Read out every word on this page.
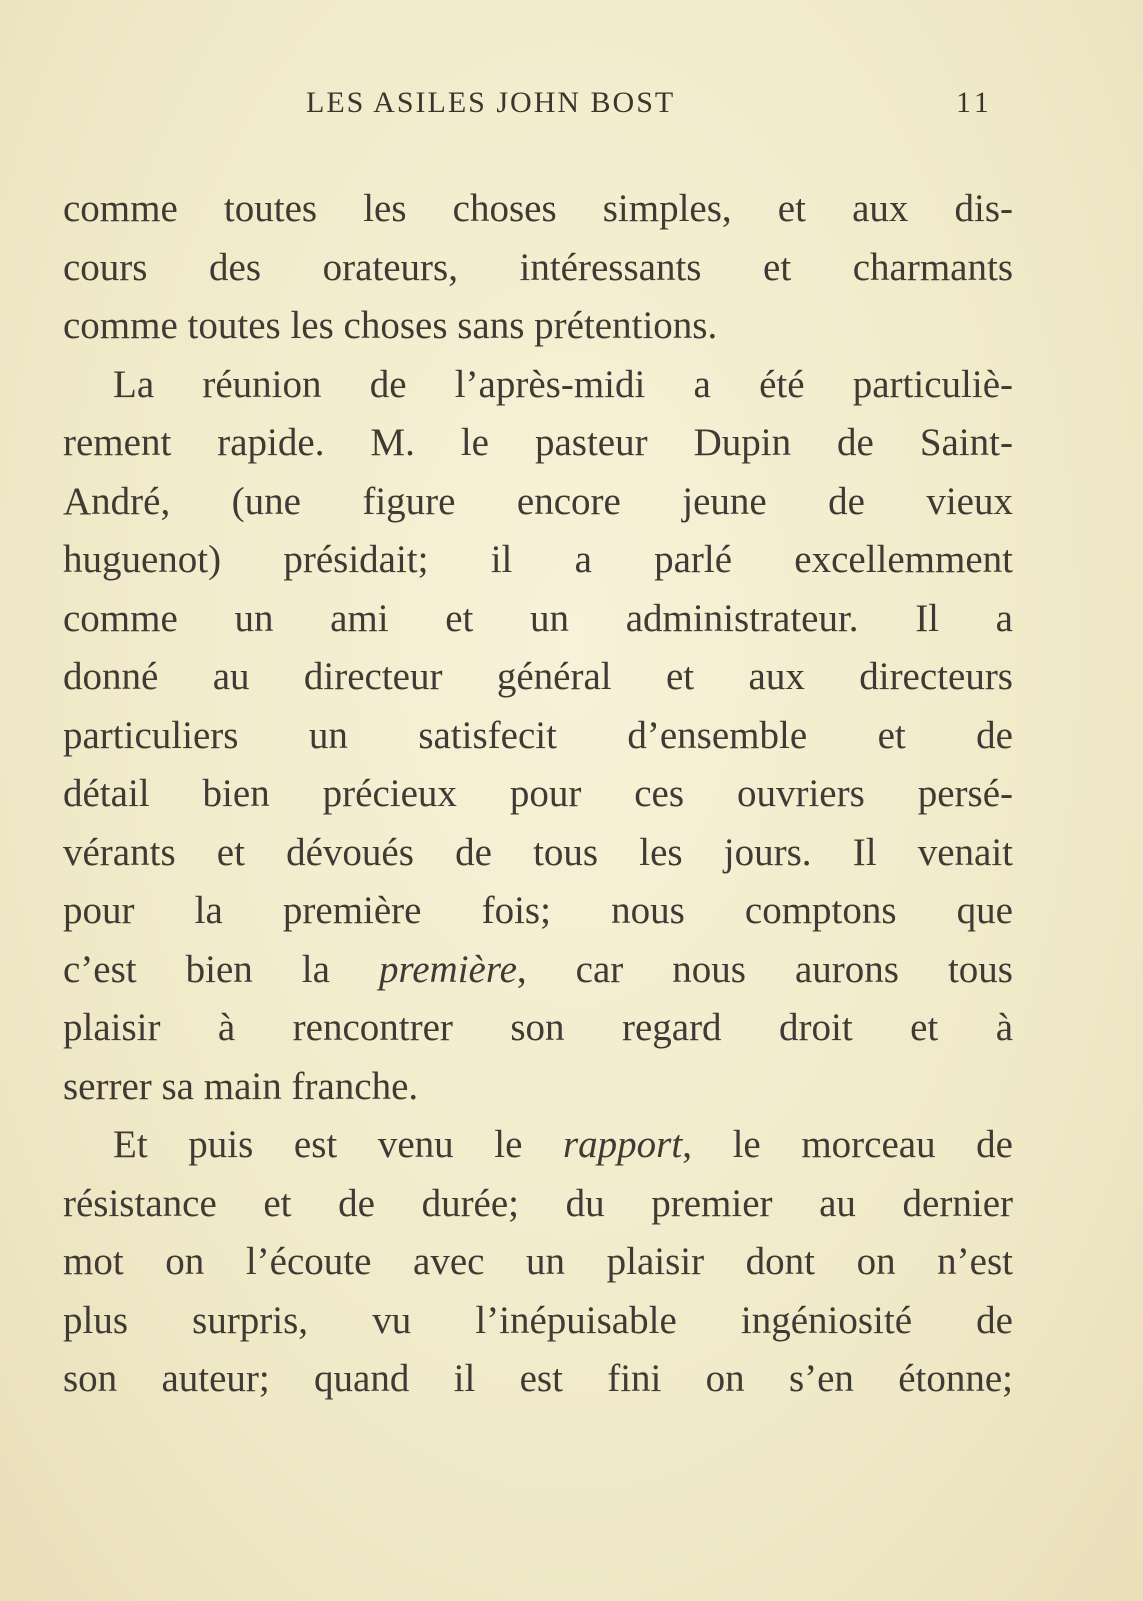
LES ASILES JOHN BOST	11
comme toutes les choses simples, et aux dis-
cours des orateurs, intéressants et charmants
comme toutes les choses sans prétentions.
La réunion de l’après-midi a été particuliè-
rement rapide. M. le pasteur Dupin de Saint-
André, (une figure encore jeune de vieux
huguenot) présidait; il a parlé excellemment
comme un ami et un administrateur. Il a
donné au directeur général et aux directeurs
particuliers un satisfecit d’ensemble et de
détail bien précieux pour ces ouvriers persé-
vérants et dévoués de tous les jours. Il venait
pour la première fois; nous comptons que
c’est bien la première, car nous aurons tous
plaisir à rencontrer son regard droit et à
serrer sa main franche.
Et puis est venu le rapport, le morceau de
résistance et de durée; du premier au dernier
mot on l’écoute avec un plaisir dont on n’est
plus surpris, vu l’inépuisable ingéniosité de
son auteur; quand il est fini on s’en étonne;
